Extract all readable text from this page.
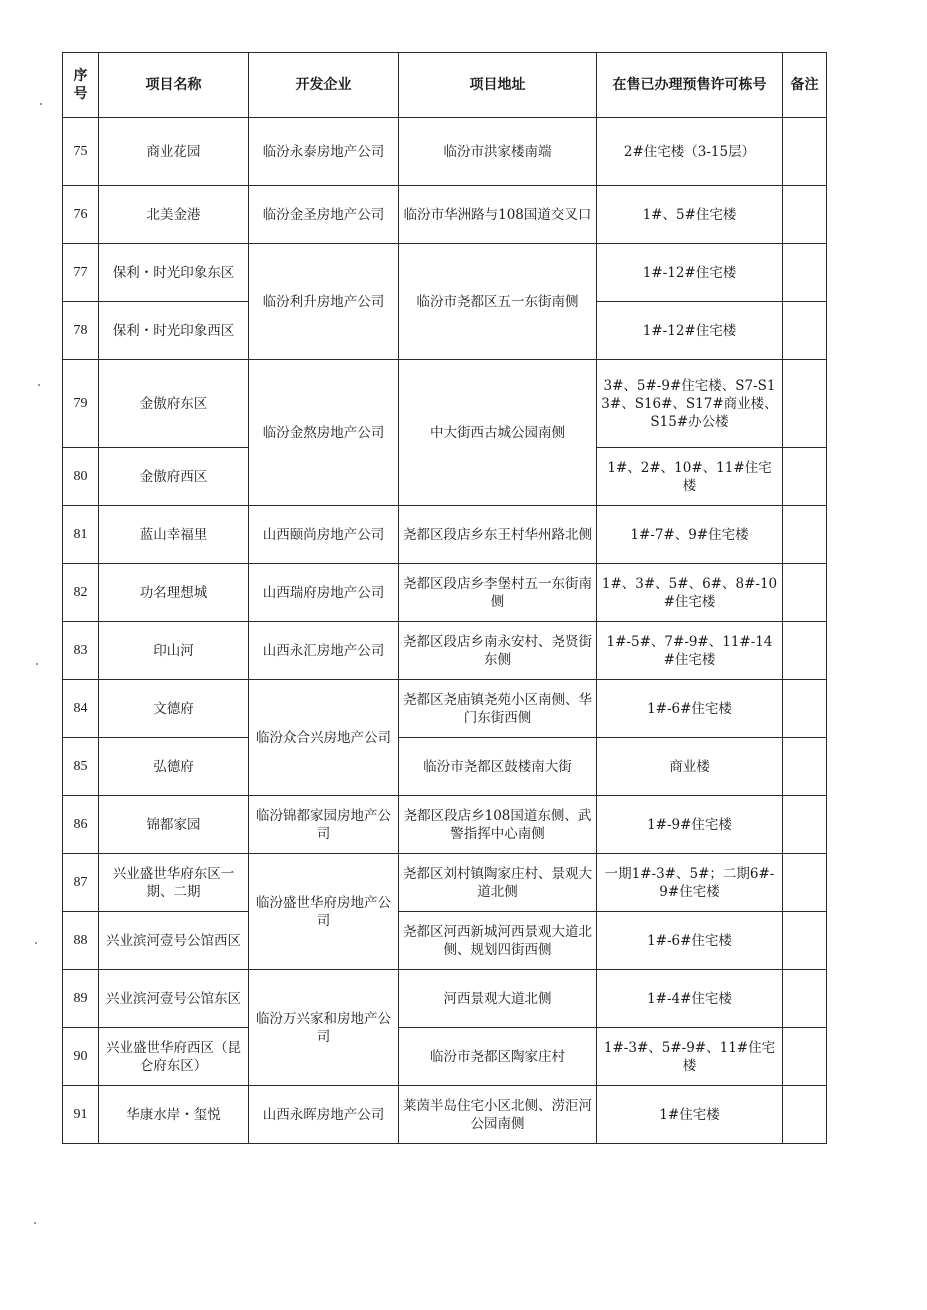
序号	项目名称	开发企业	项目地址	在售已办理预售许可栋号	备注
75	商业花园	临汾永泰房地产公司	临汾市洪家楼南端	2#住宅楼（3-15层）	
76	北美金港	临汾金圣房地产公司	临汾市华洲路与108国道交叉口	1#、5#住宅楼	
77	保利・时光印象东区	临汾利升房地产公司	临汾市尧都区五一东街南侧	1#-12#住宅楼	
78	保利・时光印象西区			1#-12#住宅楼	
79	金傲府东区	临汾金熬房地产公司	中大街西古城公园南侧	3#、5#-9#住宅楼、S7-S13#、S16#、S17#商业楼、S15#办公楼	
80	金傲府西区			1#、2#、10#、11#住宅楼	
81	蓝山幸福里	山西颐尚房地产公司	尧都区段店乡东王村华州路北侧	1#-7#、9#住宅楼	
82	功名理想城	山西瑞府房地产公司	尧都区段店乡李堡村五一东街南侧	1#、3#、5#、6#、8#-10#住宅楼	
83	印山河	山西永汇房地产公司	尧都区段店乡南永安村、尧贤街东侧	1#-5#、7#-9#、11#-14#住宅楼	
84	文德府	临汾众合兴房地产公司	尧都区尧庙镇尧苑小区南侧、华门东街西侧	1#-6#住宅楼	
85	弘德府		临汾市尧都区鼓楼南大街	商业楼	
86	锦都家园	临汾锦都家园房地产公司	尧都区段店乡108国道东侧、武警指挥中心南侧	1#-9#住宅楼	
87	兴业盛世华府东区一期、二期	临汾盛世华府房地产公司	尧都区刘村镇陶家庄村、景观大道北侧	一期1#-3#、5#；二期6#-9#住宅楼	
88	兴业滨河壹号公馆西区		尧都区河西新城河西景观大道北侧、规划四街西侧	1#-6#住宅楼	
89	兴业滨河壹号公馆东区	临汾万兴家和房地产公司	河西景观大道北侧	1#-4#住宅楼	
90	兴业盛世华府西区（昆仑府东区）		临汾市尧都区陶家庄村	1#-3#、5#-9#、11#住宅楼	
91	华康水岸・玺悦	山西永晖房地产公司	莱茵半岛住宅小区北侧、涝洰河公园南侧	1#住宅楼	
